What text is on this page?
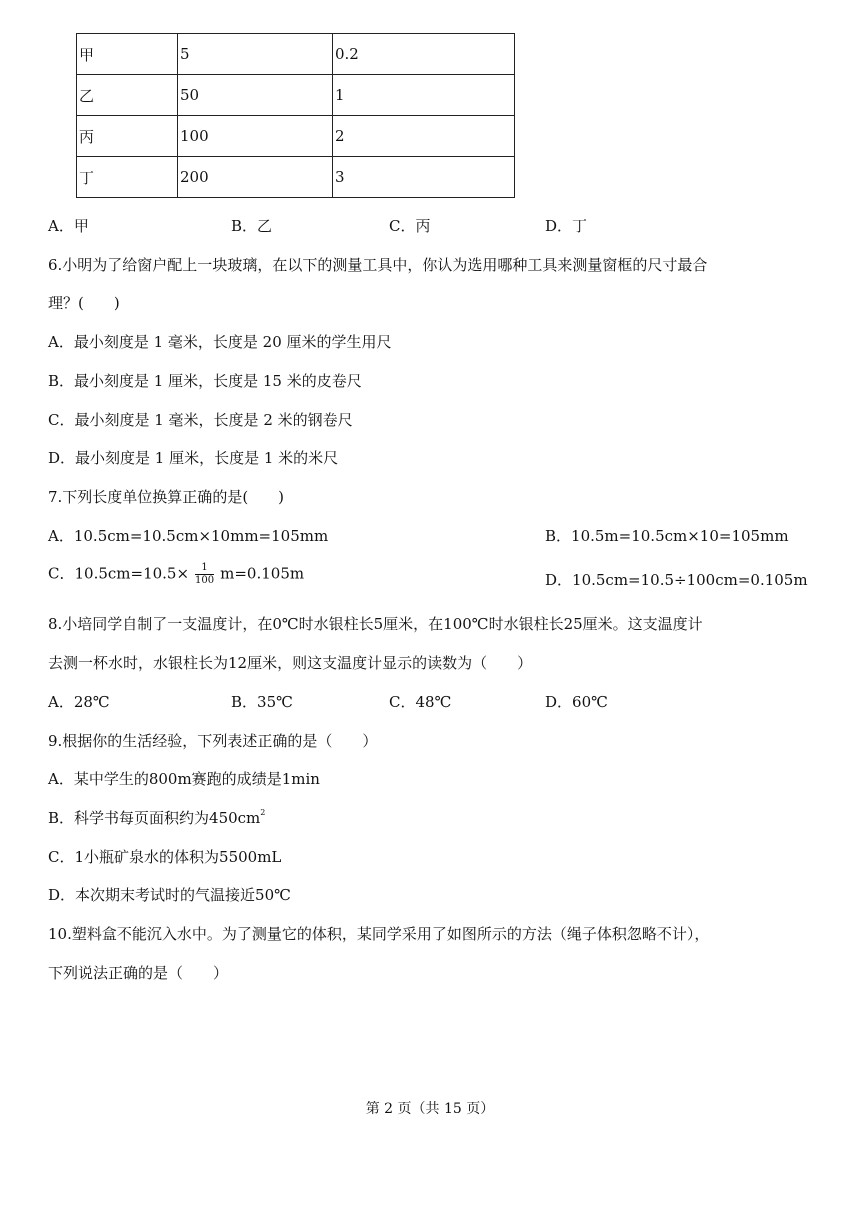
甲	5	0.2
乙	50	1
丙	100	2
丁	200	3
A．甲	B．乙	C．丙	D．丁
6.小明为了给窗户配上一块玻璃，在以下的测量工具中，你认为选用哪种工具来测量窗框的尺寸最合
理？(　　)
A．最小刻度是 1 毫米，长度是 20 厘米的学生用尺
B．最小刻度是 1 厘米，长度是 15 米的皮卷尺
C．最小刻度是 1 毫米，长度是 2 米的钢卷尺
D．最小刻度是 1 厘米，长度是 1 米的米尺
7.下列长度单位换算正确的是(　　)
A．10.5cm=10.5cm×10mm=105mm	B．10.5m=10.5cm×10=105mm
C．$10.5cm=10.5\times \frac{1}{100} m=0.105m$	D．10.5cm=10.5÷100cm=0.105m
8.小培同学自制了一支温度计，在0℃时水银柱长5厘米，在100℃时水银柱长25厘米。这支温度计
去测一杯水时，水银柱长为12厘米，则这支温度计显示的读数为（　　）
A．28℃	B．35℃	C．48℃	D．60℃
9.根据你的生活经验，下列表述正确的是（　　）
A．某中学生的800m赛跑的成绩是1min
B．科学书每页面积约为$450cm^2$
C．1小瓶矿泉水的体积为5500mL
D．本次期末考试时的气温接近50℃
10.塑料盒不能沉入水中。为了测量它的体积，某同学采用了如图所示的方法（绳子体积忽略不计），
下列说法正确的是（　　）
第 2 页（共 15 页）
